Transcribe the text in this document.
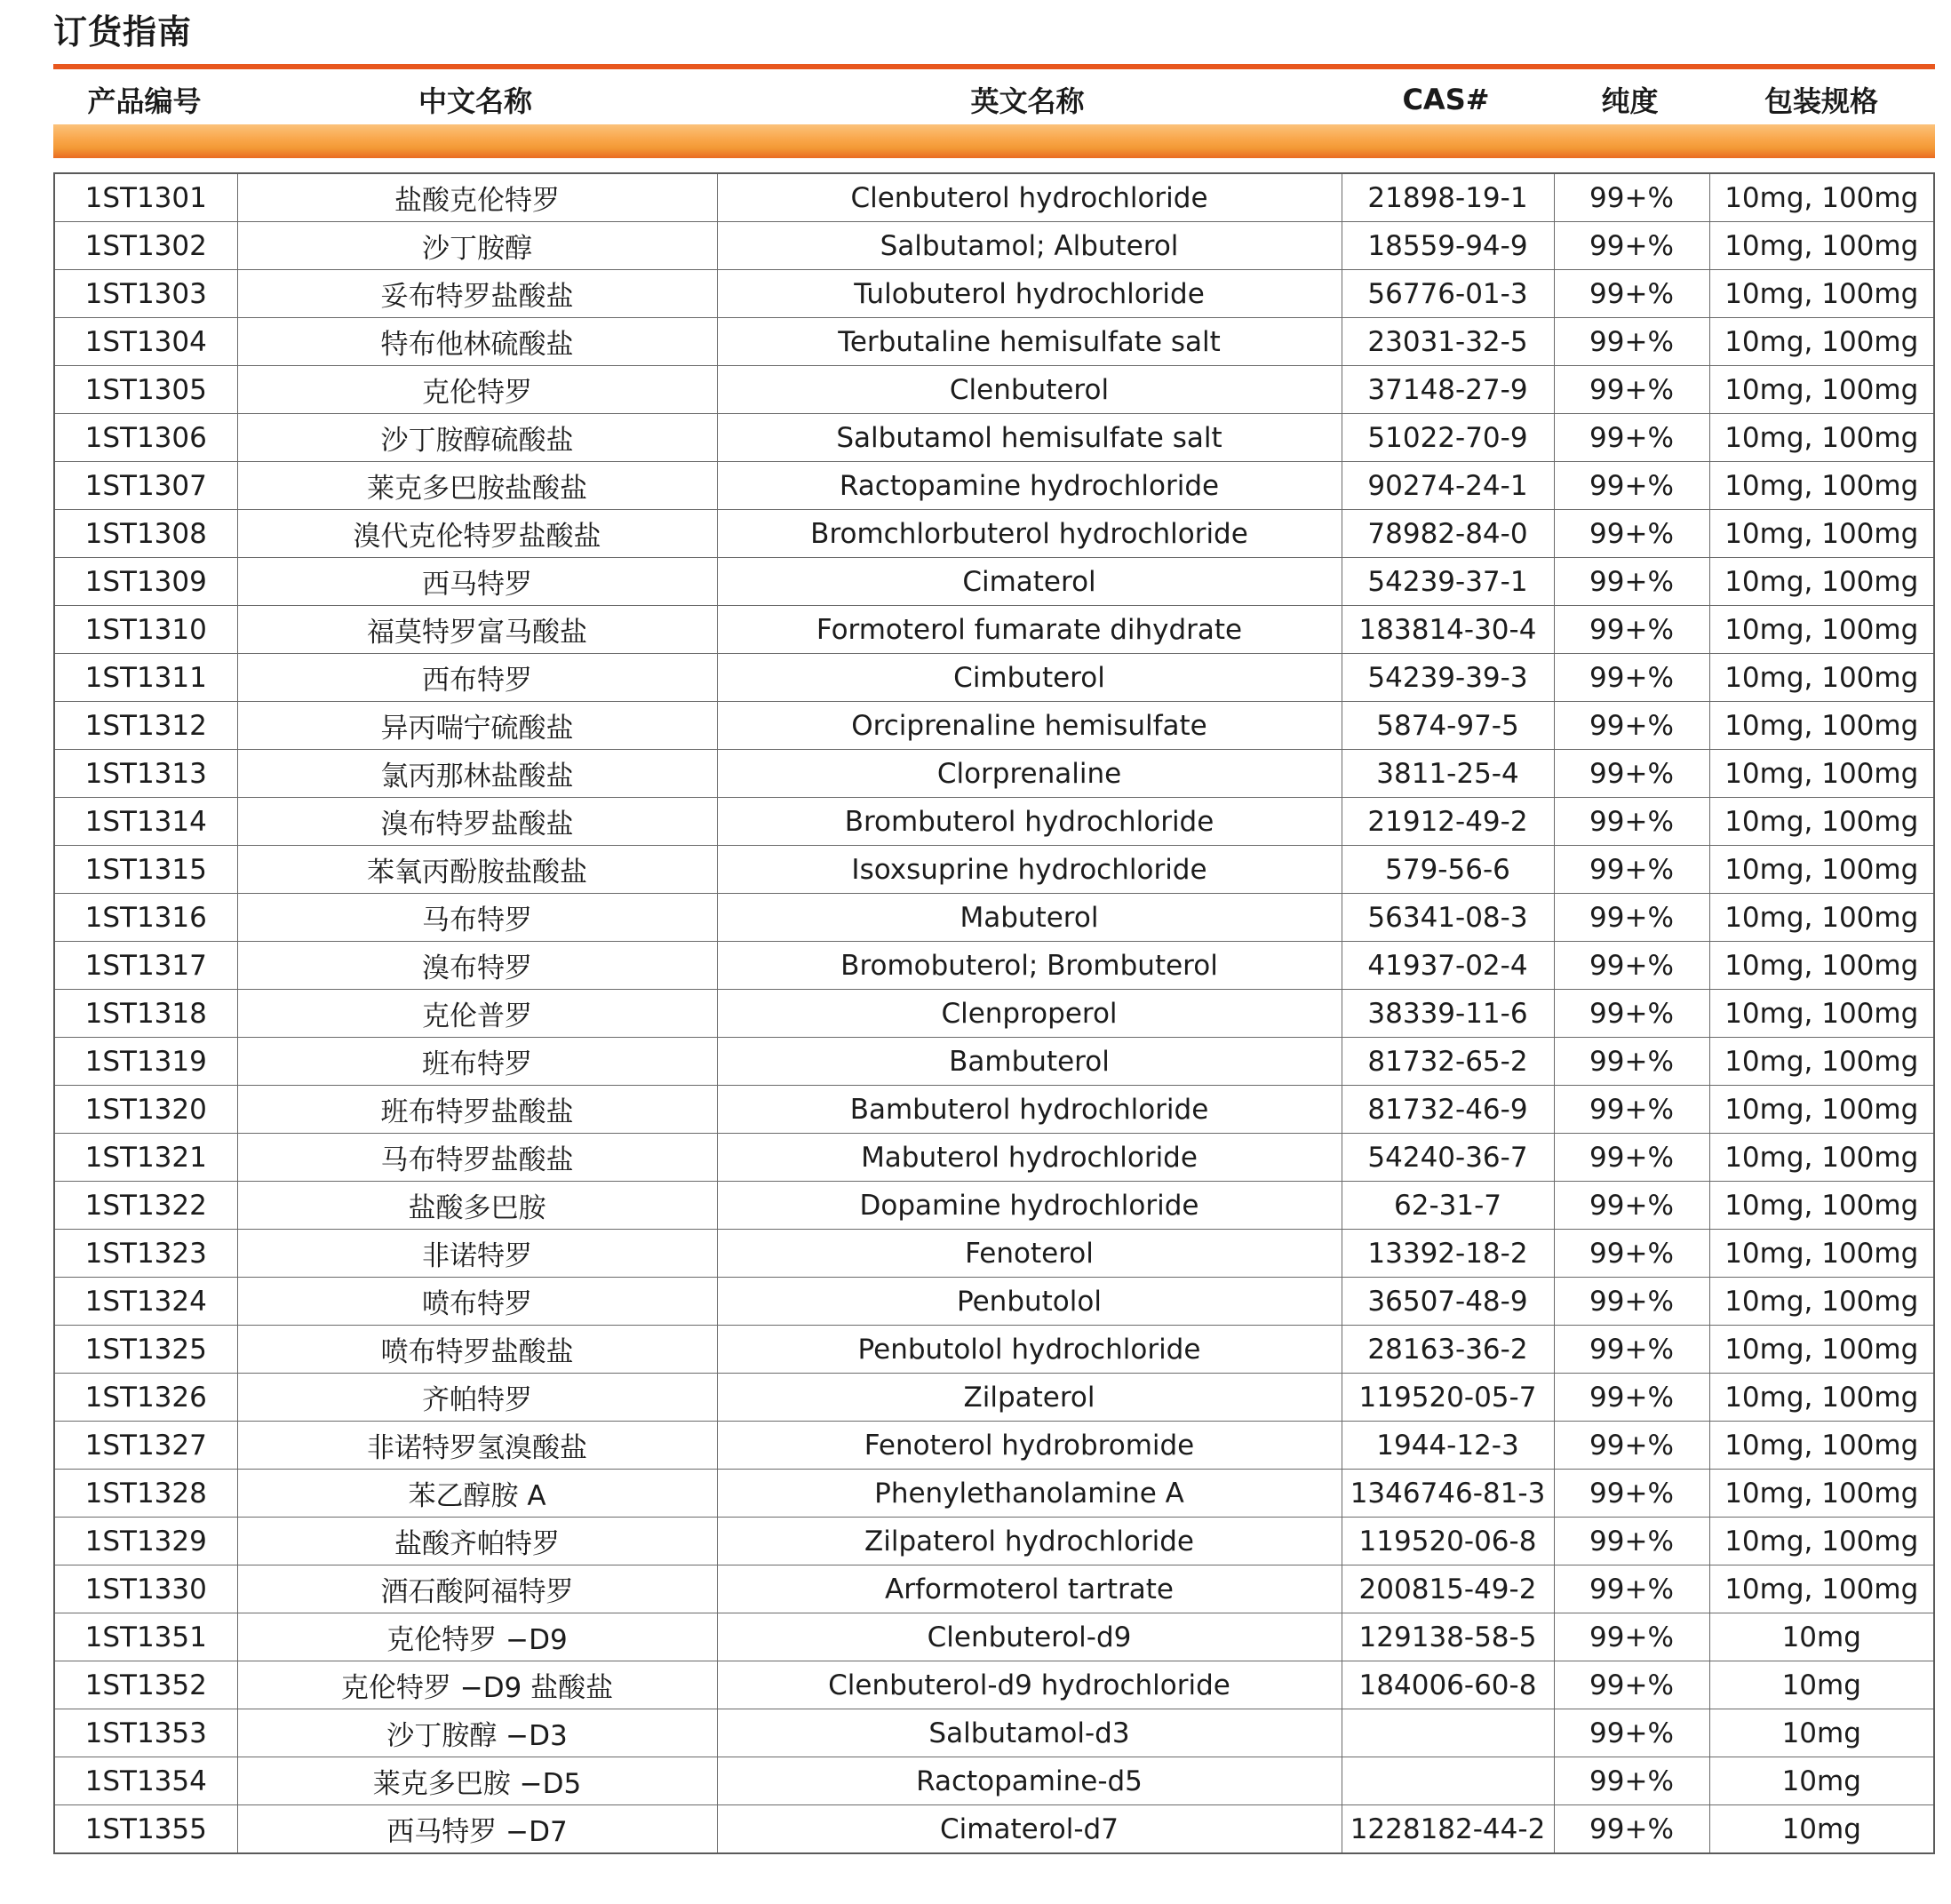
订货指南
产品编号	中文名称	英文名称	CAS#	纯度	包装规格
1ST1301	盐酸克伦特罗	Clenbuterol hydrochloride	21898-19-1	99+%	10mg, 100mg
1ST1302	沙丁胺醇	Salbutamol; Albuterol	18559-94-9	99+%	10mg, 100mg
1ST1303	妥布特罗盐酸盐	Tulobuterol hydrochloride	56776-01-3	99+%	10mg, 100mg
1ST1304	特布他林硫酸盐	Terbutaline hemisulfate salt	23031-32-5	99+%	10mg, 100mg
1ST1305	克伦特罗	Clenbuterol	37148-27-9	99+%	10mg, 100mg
1ST1306	沙丁胺醇硫酸盐	Salbutamol hemisulfate salt	51022-70-9	99+%	10mg, 100mg
1ST1307	莱克多巴胺盐酸盐	Ractopamine hydrochloride	90274-24-1	99+%	10mg, 100mg
1ST1308	溴代克伦特罗盐酸盐	Bromchlorbuterol hydrochloride	78982-84-0	99+%	10mg, 100mg
1ST1309	西马特罗	Cimaterol	54239-37-1	99+%	10mg, 100mg
1ST1310	福莫特罗富马酸盐	Formoterol fumarate dihydrate	183814-30-4	99+%	10mg, 100mg
1ST1311	西布特罗	Cimbuterol	54239-39-3	99+%	10mg, 100mg
1ST1312	异丙喘宁硫酸盐	Orciprenaline hemisulfate	5874-97-5	99+%	10mg, 100mg
1ST1313	氯丙那林盐酸盐	Clorprenaline	3811-25-4	99+%	10mg, 100mg
1ST1314	溴布特罗盐酸盐	Brombuterol hydrochloride	21912-49-2	99+%	10mg, 100mg
1ST1315	苯氧丙酚胺盐酸盐	Isoxsuprine hydrochloride	579-56-6	99+%	10mg, 100mg
1ST1316	马布特罗	Mabuterol	56341-08-3	99+%	10mg, 100mg
1ST1317	溴布特罗	Bromobuterol; Brombuterol	41937-02-4	99+%	10mg, 100mg
1ST1318	克伦普罗	Clenproperol	38339-11-6	99+%	10mg, 100mg
1ST1319	班布特罗	Bambuterol	81732-65-2	99+%	10mg, 100mg
1ST1320	班布特罗盐酸盐	Bambuterol hydrochloride	81732-46-9	99+%	10mg, 100mg
1ST1321	马布特罗盐酸盐	Mabuterol hydrochloride	54240-36-7	99+%	10mg, 100mg
1ST1322	盐酸多巴胺	Dopamine hydrochloride	62-31-7	99+%	10mg, 100mg
1ST1323	非诺特罗	Fenoterol	13392-18-2	99+%	10mg, 100mg
1ST1324	喷布特罗	Penbutolol	36507-48-9	99+%	10mg, 100mg
1ST1325	喷布特罗盐酸盐	Penbutolol hydrochloride	28163-36-2	99+%	10mg, 100mg
1ST1326	齐帕特罗	Zilpaterol	119520-05-7	99+%	10mg, 100mg
1ST1327	非诺特罗氢溴酸盐	Fenoterol hydrobromide	1944-12-3	99+%	10mg, 100mg
1ST1328	苯乙醇胺 A	Phenylethanolamine A	1346746-81-3	99+%	10mg, 100mg
1ST1329	盐酸齐帕特罗	Zilpaterol hydrochloride	119520-06-8	99+%	10mg, 100mg
1ST1330	酒石酸阿福特罗	Arformoterol tartrate	200815-49-2	99+%	10mg, 100mg
1ST1351	克伦特罗 −D9	Clenbuterol-d9	129138-58-5	99+%	10mg
1ST1352	克伦特罗 −D9 盐酸盐	Clenbuterol-d9 hydrochloride	184006-60-8	99+%	10mg
1ST1353	沙丁胺醇 −D3	Salbutamol-d3		99+%	10mg
1ST1354	莱克多巴胺 −D5	Ractopamine-d5		99+%	10mg
1ST1355	西马特罗 −D7	Cimaterol-d7	1228182-44-2	99+%	10mg
